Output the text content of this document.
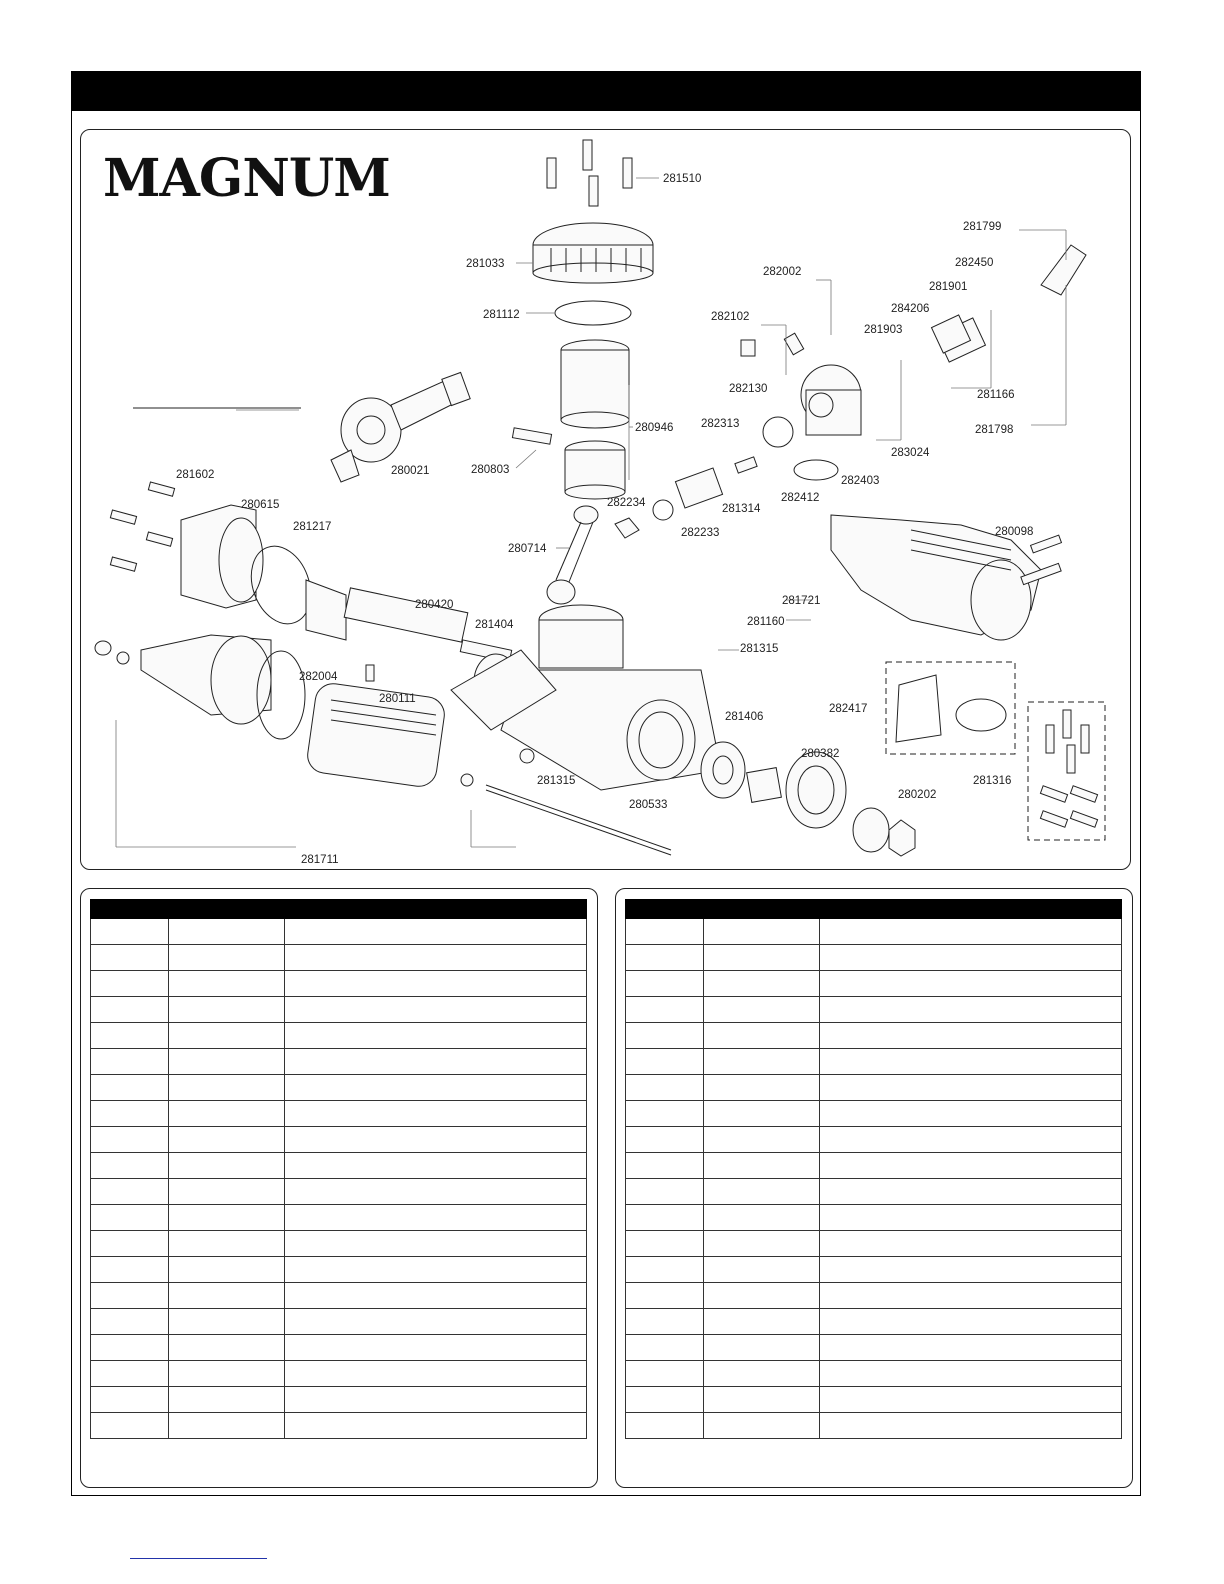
MAGNUM	281510
281033
281112
280946
280803
280714
282002
282102
282130
282313
282234
282233
281314
282412
283024
282403
281799
282450
281901
284206
281903
281166
281798
280021
281602
280615
281217
280420
282004
280111
281404
281721
281160
281315
281315
281406
280533
280382
280202
281711
280098
282417
281316
